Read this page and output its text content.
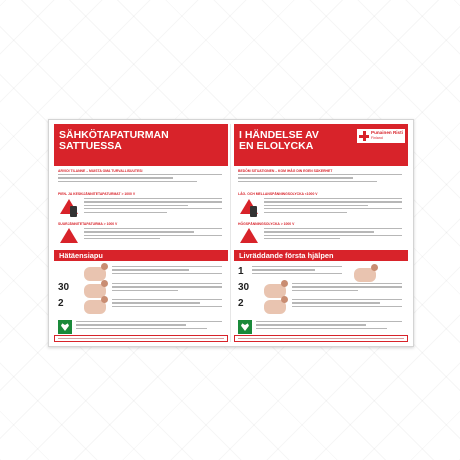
SÄHKÖTAPATURMAN
SATTUESSA
ARVIOI TILANNE – MUISTA OMA TURVALLISUUTESI
PIEN- JA KESKIJÄNNITETAPATURMAT > 1000 V
SUURJÄNNITETAPATURMA > 1000 V
Hätäensiapu
30
2
I HÄNDELSE AV
EN ELOLYCKA
Punainen Risti
Finland
BEDÖM SITUATIONEN – KOM IHÅG DIN EGEN SÄKERHET
LÅG- OCH MELLANSPÄNNINGSOLYCKA <1000 V
HÖGSPÄNNINGSOLYCKA > 1000 V
Livräddande första hjälpen
1
30
2
